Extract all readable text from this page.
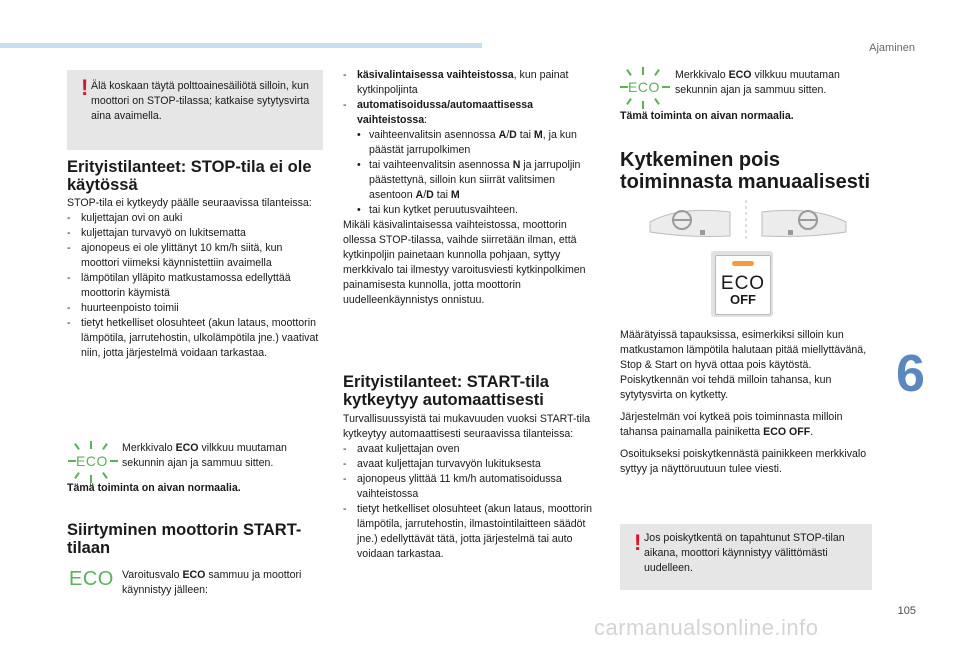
Ajaminen
6
105
carmanualsonline.info
! Älä koskaan täytä polttoainesäiliötä silloin, kun moottori on STOP-tilassa; katkaise sytytysvirta aina avaimella.

Erityistilanteet: STOP-tila ei ole käytössä

STOP-tila ei kytkeydy päälle seuraavissa tilanteissa:

- kuljettajan ovi on auki

- kuljettajan turvavyö on lukitsematta

- ajonopeus ei ole ylittänyt 10 km/h siitä, kun moottori viimeksi käynnistettiin avaimella

- lämpötilan ylläpito matkustamossa edellyttää moottorin käymistä

- huurteenpoisto toimii

- tietyt hetkelliset olosuhteet (akun lataus, moottorin lämpötila, jarrutehostin, ulkolämpötila jne.) vaativat niin, jotta järjestelmä voidaan tarkastaa.

ECO

Merkkivalo ECO vilkkuu muutaman sekunnin ajan ja sammuu sitten.

Tämä toiminta on aivan normaalia.

Siirtyminen moottorin START-tilaan
ECO Varoitusvalo ECO sammuu ja moottori käynnistyy jälleen:

- käsivalintaisessa vaihteistossa, kun painat kytkinpoljinta

- automatisoidussa/automaattisessa vaihteistossa:

• vaihteenvalitsin asennossa A/D tai M, ja kun päästät jarrupolkimen

• tai vaihteenvalitsin asennossa N ja jarrupoljin päästettynä, silloin kun siirrät valitsimen asentoon A/D tai M

• tai kun kytket peruutusvaihteen.

Mikäli käsivalintaisessa vaihteistossa, moottorin ollessa STOP-tilassa, vaihde siirretään ilman, että kytkinpoljin painetaan kunnolla pohjaan, syttyy merkkivalo tai ilmestyy varoitusviesti kytkinpolkimen painamisesta kunnolla, jotta moottorin uudelleenkäynnistys onnistuu.

Erityistilanteet: START-tila kytkeytyy automaattisesti

Turvallisuussyistä tai mukavuuden vuoksi START-tila kytkeytyy automaattisesti seuraavissa tilanteissa:

- avaat kuljettajan oven

- avaat kuljettajan turvavyön lukituksesta

- ajonopeus ylittää 11 km/h automatisoidussa vaihteistossa

- tietyt hetkelliset olosuhteet (akun lataus, moottorin lämpötila, jarrutehostin, ilmastointilaitteen säädöt jne.) edellyttävät tätä, jotta järjestelmä tai auto voidaan tarkastaa.

ECO

Merkkivalo ECO vilkkuu muutaman sekunnin ajan ja sammuu sitten.

Tämä toiminta on aivan normaalia.

Kytkeminen pois toiminnasta manuaalisesti
ECO
OFF

Määrätyissä tapauksissa, esimerkiksi silloin kun matkustamon lämpötila halutaan pitää miellyttävänä, Stop & Start on hyvä ottaa pois käytöstä.

Poiskytkennän voi tehdä milloin tahansa, kun sytytysvirta on kytketty.

Järjestelmän voi kytkeä pois toiminnasta milloin tahansa painamalla painiketta ECO OFF.

Osoitukseksi poiskytkennästä painikkeen merkkivalo syttyy ja näyttöruutuun tulee viesti.

! Jos poiskytkentä on tapahtunut STOP-tilan aikana, moottori käynnistyy välittömästi uudelleen.
